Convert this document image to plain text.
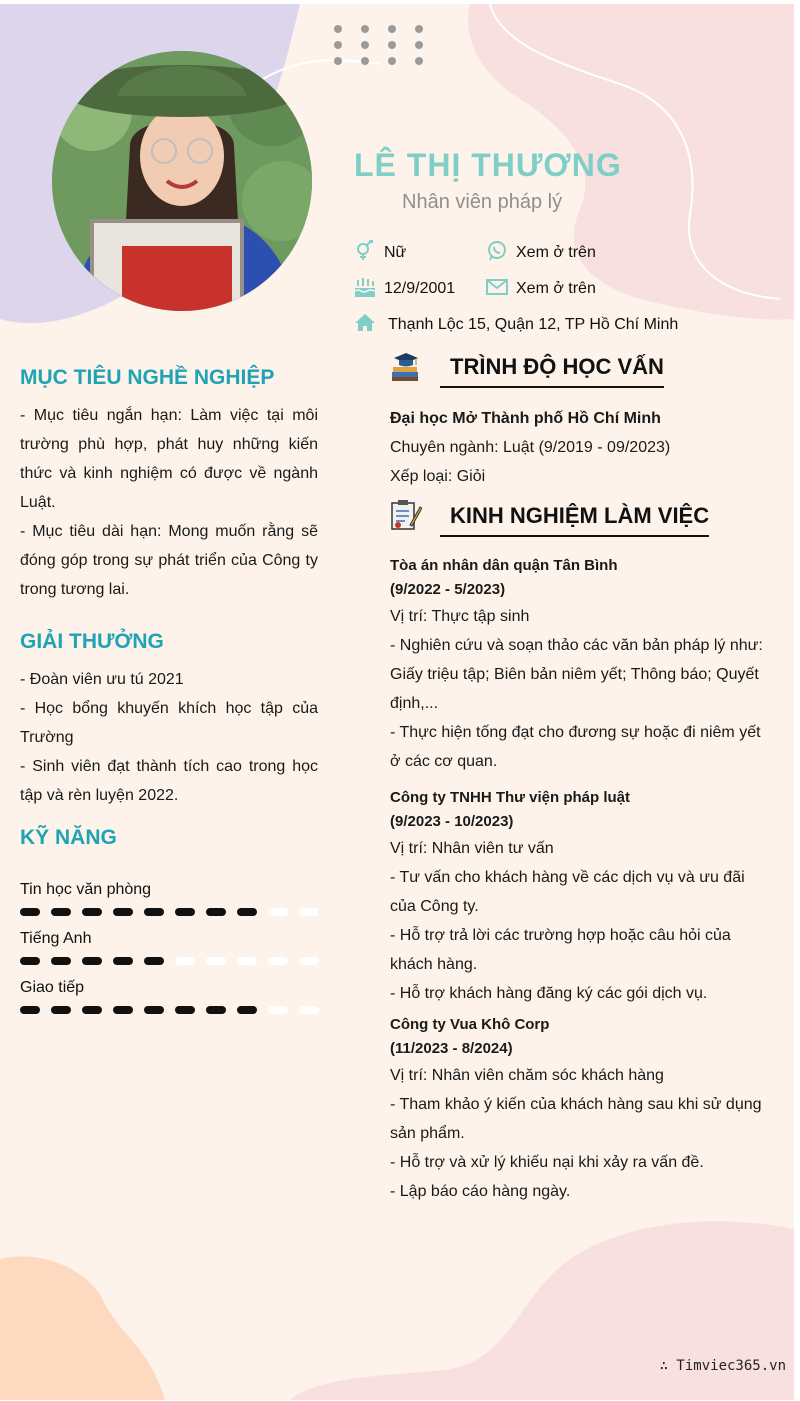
LÊ THỊ THƯƠNG
Nhân viên pháp lý
Nữ	Xem ở trên
12/9/2001	Xem ở trên
Thạnh Lộc 15, Quận 12, TP Hồ Chí Minh
MỤC TIÊU NGHỀ NGHIỆP

- Mục tiêu ngắn hạn: Làm việc tại môi trường phù hợp, phát huy những kiến thức và kinh nghiệm có được về ngành Luật.

- Mục tiêu dài hạn: Mong muốn rằng sẽ đóng góp trong sự phát triển của Công ty trong tương lai.

GIẢI THƯỞNG

- Đoàn viên ưu tú 2021

- Học bổng khuyến khích học tập của Trường

- Sinh viên đạt thành tích cao trong học tập và rèn luyện 2022.

KỸ NĂNG
Tin học văn phòng
Tiếng Anh
Giao tiếp
TRÌNH ĐỘ HỌC VẤN
Đại học Mở Thành phố Hồ Chí Minh
Chuyên ngành: Luật (9/2019 - 09/2023)
Xếp loại: Giỏi
KINH NGHIỆM LÀM VIỆC
Tòa án nhân dân quận Tân Bình
(9/2022 - 5/2023)
Vị trí: Thực tập sinh
- Nghiên cứu và soạn thảo các văn bản pháp lý như: Giấy triệu tập; Biên bản niêm yết; Thông báo; Quyết định,...
- Thực hiện tống đạt cho đương sự hoặc đi niêm yết ở các cơ quan.
Công ty TNHH Thư viện pháp luật
(9/2023 - 10/2023)
Vị trí: Nhân viên tư vấn
- Tư vấn cho khách hàng về các dịch vụ và ưu đãi của Công ty.
- Hỗ trợ trả lời các trường hợp hoặc câu hỏi của khách hàng.
- Hỗ trợ khách hàng đăng ký các gói dịch vụ.
Công ty Vua Khô Corp
(11/2023 - 8/2024)
Vị trí: Nhân viên chăm sóc khách hàng
- Tham khảo ý kiến của khách hàng sau khi sử dụng sản phẩm.
- Hỗ trợ và xử lý khiếu nại khi xảy ra vấn đề.
- Lập báo cáo hàng ngày.
∴ Timviec365.vn
